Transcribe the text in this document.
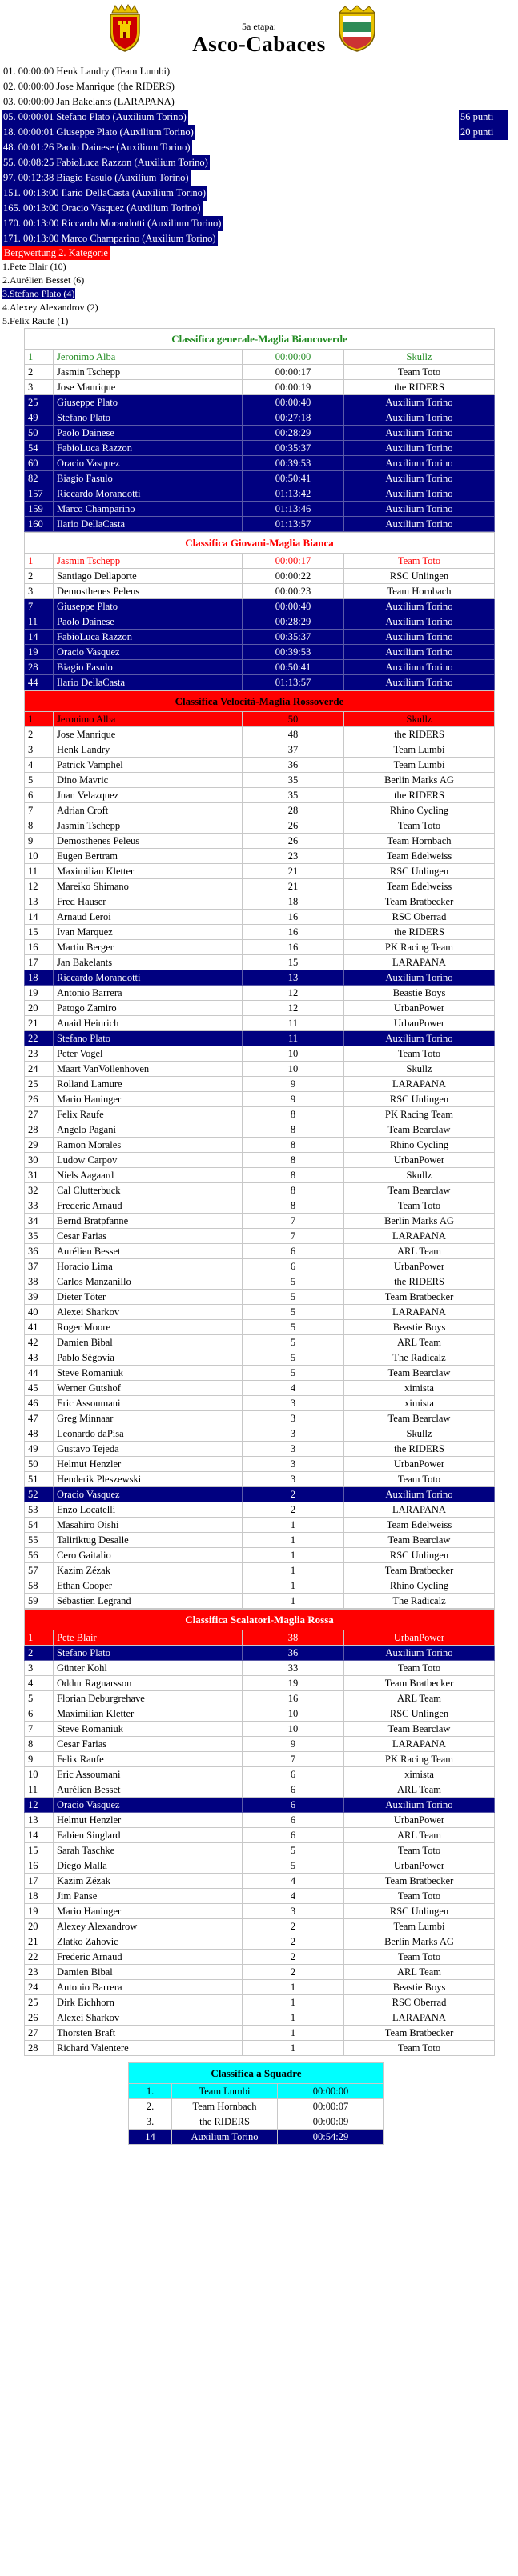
5a etapa:
Asco-Cabaces
01. 00:00:00 Henk Landry (Team Lumbi)
02. 00:00:00 Jose Manrique (the RIDERS)
03. 00:00:00 Jan Bakelants (LARAPANA)
05. 00:00:01 Stefano Plato (Auxilium Torino)	56 punti
18. 00:00:01 Giuseppe Plato (Auxilium Torino)	20 punti
48. 00:01:26 Paolo Dainese (Auxilium Torino)
55. 00:08:25 FabioLuca Razzon (Auxilium Torino)
97. 00:12:38 Biagio Fasulo (Auxilium Torino)
151. 00:13:00 Ilario DellaCasta (Auxilium Torino)
165. 00:13:00 Oracio Vasquez (Auxilium Torino)
170. 00:13:00 Riccardo Morandotti (Auxilium Torino)
171. 00:13:00 Marco Champarino (Auxilium Torino)
Bergwertung 2. Kategorie
1.Pete Blair (10)
2.Aurélien Besset (6)
3.Stefano Plato (4)
4.Alexey Alexandrov (2)
5.Felix Raufe (1)
Classifica generale-Maglia Biancoverde			
1	Jeronimo Alba	00:00:00	Skullz
2	Jasmin Tschepp	00:00:17	Team Toto
3	Jose Manrique	00:00:19	the RIDERS
25	Giuseppe Plato	00:00:40	Auxilium Torino
49	Stefano Plato	00:27:18	Auxilium Torino
50	Paolo Dainese	00:28:29	Auxilium Torino
54	FabioLuca Razzon	00:35:37	Auxilium Torino
60	Oracio Vasquez	00:39:53	Auxilium Torino
82	Biagio Fasulo	00:50:41	Auxilium Torino
157	Riccardo Morandotti	01:13:42	Auxilium Torino
159	Marco Champarino	01:13:46	Auxilium Torino
160	Ilario DellaCasta	01:13:57	Auxilium Torino
Classifica Giovani-Maglia Bianca			
1	Jasmin Tschepp	00:00:17	Team Toto
2	Santiago Dellaporte	00:00:22	RSC Unlingen
3	Demosthenes Peleus	00:00:23	Team Hornbach
7	Giuseppe Plato	00:00:40	Auxilium Torino
11	Paolo Dainese	00:28:29	Auxilium Torino
14	FabioLuca Razzon	00:35:37	Auxilium Torino
19	Oracio Vasquez	00:39:53	Auxilium Torino
28	Biagio Fasulo	00:50:41	Auxilium Torino
44	Ilario DellaCasta	01:13:57	Auxilium Torino
Classifica Velocità-Maglia Rossoverde			
1	Jeronimo Alba	50	Skullz
2	Jose Manrique	48	the RIDERS
3	Henk Landry	37	Team Lumbi
4	Patrick Vamphel	36	Team Lumbi
5	Dino Mavric	35	Berlin Marks AG
6	Juan Velazquez	35	the RIDERS
7	Adrian Croft	28	Rhino Cycling
8	Jasmin Tschepp	26	Team Toto
9	Demosthenes Peleus	26	Team Hornbach
10	Eugen Bertram	23	Team Edelweiss
11	Maximilian Kletter	21	RSC Unlingen
12	Mareiko Shimano	21	Team Edelweiss
13	Fred Hauser	18	Team Bratbecker
14	Arnaud Leroi	16	RSC Oberrad
15	Ivan Marquez	16	the RIDERS
16	Martin Berger	16	PK Racing Team
17	Jan Bakelants	15	LARAPANA
18	Riccardo Morandotti	13	Auxilium Torino
19	Antonio Barrera	12	Beastie Boys
20	Patogo Zamiro	12	UrbanPower
21	Anaid Heinrich	11	UrbanPower
22	Stefano Plato	11	Auxilium Torino
23	Peter Vogel	10	Team Toto
24	Maart VanVollenhoven	10	Skullz
25	Rolland Lamure	9	LARAPANA
26	Mario Haninger	9	RSC Unlingen
27	Felix Raufe	8	PK Racing Team
28	Angelo Pagani	8	Team Bearclaw
29	Ramon Morales	8	Rhino Cycling
30	Ludow Carpov	8	UrbanPower
31	Niels Aagaard	8	Skullz
32	Cal Clutterbuck	8	Team Bearclaw
33	Frederic Arnaud	8	Team Toto
34	Bernd Bratpfanne	7	Berlin Marks AG
35	Cesar Farias	7	LARAPANA
36	Aurélien Besset	6	ARL Team
37	Horacio Lima	6	UrbanPower
38	Carlos Manzanillo	5	the RIDERS
39	Dieter Töter	5	Team Bratbecker
40	Alexei Sharkov	5	LARAPANA
41	Roger Moore	5	Beastie Boys
42	Damien Bibal	5	ARL Team
43	Pablo Sègovia	5	The Radicalz
44	Steve Romaniuk	5	Team Bearclaw
45	Werner Gutshof	4	ximista
46	Eric Assoumani	3	ximista
47	Greg Minnaar	3	Team Bearclaw
48	Leonardo daPisa	3	Skullz
49	Gustavo Tejeda	3	the RIDERS
50	Helmut Henzler	3	UrbanPower
51	Henderik Pleszewski	3	Team Toto
52	Oracio Vasquez	2	Auxilium Torino
53	Enzo Locatelli	2	LARAPANA
54	Masahiro Oishi	1	Team Edelweiss
55	Taliriktug Desalle	1	Team Bearclaw
56	Cero Gaitalio	1	RSC Unlingen
57	Kazim Zézak	1	Team Bratbecker
58	Ethan Cooper	1	Rhino Cycling
59	Sébastien Legrand	1	The Radicalz
Classifica Scalatori-Maglia Rossa			
1	Pete Blair	38	UrbanPower
2	Stefano Plato	36	Auxilium Torino
3	Günter Kohl	33	Team Toto
4	Oddur Ragnarsson	19	Team Bratbecker
5	Florian Deburgrehave	16	ARL Team
6	Maximilian Kletter	10	RSC Unlingen
7	Steve Romaniuk	10	Team Bearclaw
8	Cesar Farias	9	LARAPANA
9	Felix Raufe	7	PK Racing Team
10	Eric Assoumani	6	ximista
11	Aurélien Besset	6	ARL Team
12	Oracio Vasquez	6	Auxilium Torino
13	Helmut Henzler	6	UrbanPower
14	Fabien Singlard	6	ARL Team
15	Sarah Taschke	5	Team Toto
16	Diego Malla	5	UrbanPower
17	Kazim Zézak	4	Team Bratbecker
18	Jim Panse	4	Team Toto
19	Mario Haninger	3	RSC Unlingen
20	Alexey Alexandrow	2	Team Lumbi
21	Zlatko Zahovic	2	Berlin Marks AG
22	Frederic Arnaud	2	Team Toto
23	Damien Bibal	2	ARL Team
24	Antonio Barrera	1	Beastie Boys
25	Dirk Eichhorn	1	RSC Oberrad
26	Alexei Sharkov	1	LARAPANA
27	Thorsten Braft	1	Team Bratbecker
28	Richard Valentere	1	Team Toto
Classifica a Squadre		
1.	Team Lumbi	00:00:00
2.	Team Hornbach	00:00:07
3.	the RIDERS	00:00:09
14	Auxilium Torino	00:54:29
